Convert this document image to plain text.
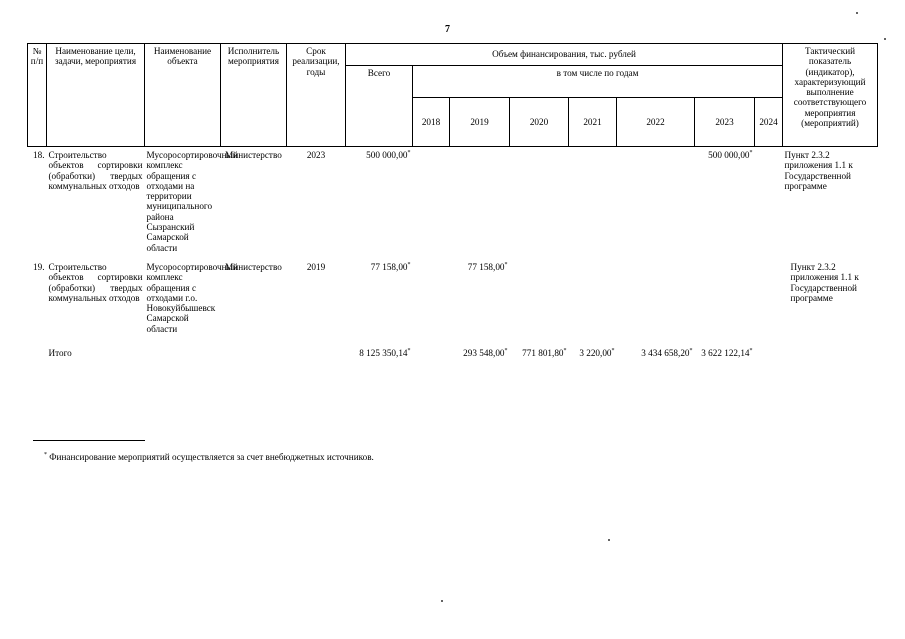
7
№ п/п	Наименование цели, задачи, мероприятия	Наименование объекта	Исполнитель мероприятия	Срок реализации, годы	Объем финансирования, тыс. рублей								Тактический показатель (индикатор), характеризующий выполнение соответствующего мероприятия (мероприятий)
					Всего	в том числе по годам							
						2018	2019	2020	2021	2022	2023	2024	
18.	Строительство объектов сортировки (обработки) твердых коммунальных отходов	Мусоросортировочный комплекс обращения с отходами на территории муниципального района Сызранский Самарской области	Министерство	2023	500 000,00*						500 000,00*		Пункт 2.3.2 приложения 1.1 к Государственной программе
19.	Строительство объектов сортировки (обработки) твердых коммунальных отходов	Мусоросортировочный комплекс обращения с отходами г.о. Новокуйбышевск Самарской области	Министерство	2019	77 158,00*		77 158,00*						Пункт 2.3.2 приложения 1.1 к Государственной программе
	Итого				8 125 350,14*		293 548,00*	771 801,80*	3 220,00*	3 434 658,20*	3 622 122,14*		
* Финансирование мероприятий осуществляется за счет внебюджетных источников.
